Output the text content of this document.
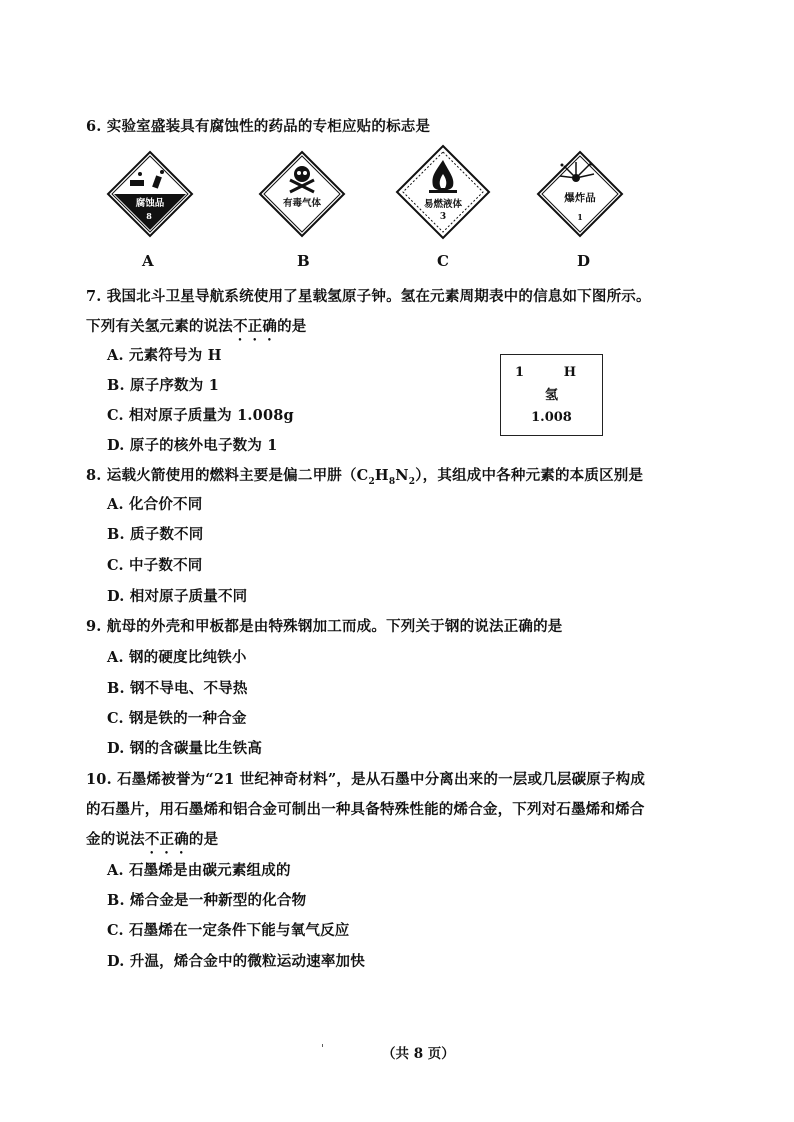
6. 实验室盛装具有腐蚀性的药品的专柜应贴的标志是
腐蚀品
8
有毒气体	易燃液体
3
爆炸品
1
A	B	C	D
7. 我国北斗卫星导航系统使用了星载氢原子钟。氢在元素周期表中的信息如下图所示。
下列有关氢元素的说法不正确的是
A. 元素符号为 H
B. 原子序数为 1
C. 相对原子质量为 1.008g
D. 原子的核外电子数为 1
1	H
氢
1.008
8. 运载火箭使用的燃料主要是偏二甲肼$(C_2H_8N_2)$，其组成中各种元素的本质区别是
A. 化合价不同
B. 质子数不同
C. 中子数不同
D. 相对原子质量不同
9. 航母的外壳和甲板都是由特殊钢加工而成。下列关于钢的说法正确的是
A. 钢的硬度比纯铁小
B. 钢不导电、不导热
C. 钢是铁的一种合金
D. 钢的含碳量比生铁高
10. 石墨烯被誉为“21 世纪神奇材料”，是从石墨中分离出来的一层或几层碳原子构成
的石墨片，用石墨烯和铝合金可制出一种具备特殊性能的烯合金，下列对石墨烯和烯合
金的说法不正确的是
A. 石墨烯是由碳元素组成的
B. 烯合金是一种新型的化合物
C. 石墨烯在一定条件下能与氧气反应
D. 升温，烯合金中的微粒运动速率加快
'	（共 8 页）
